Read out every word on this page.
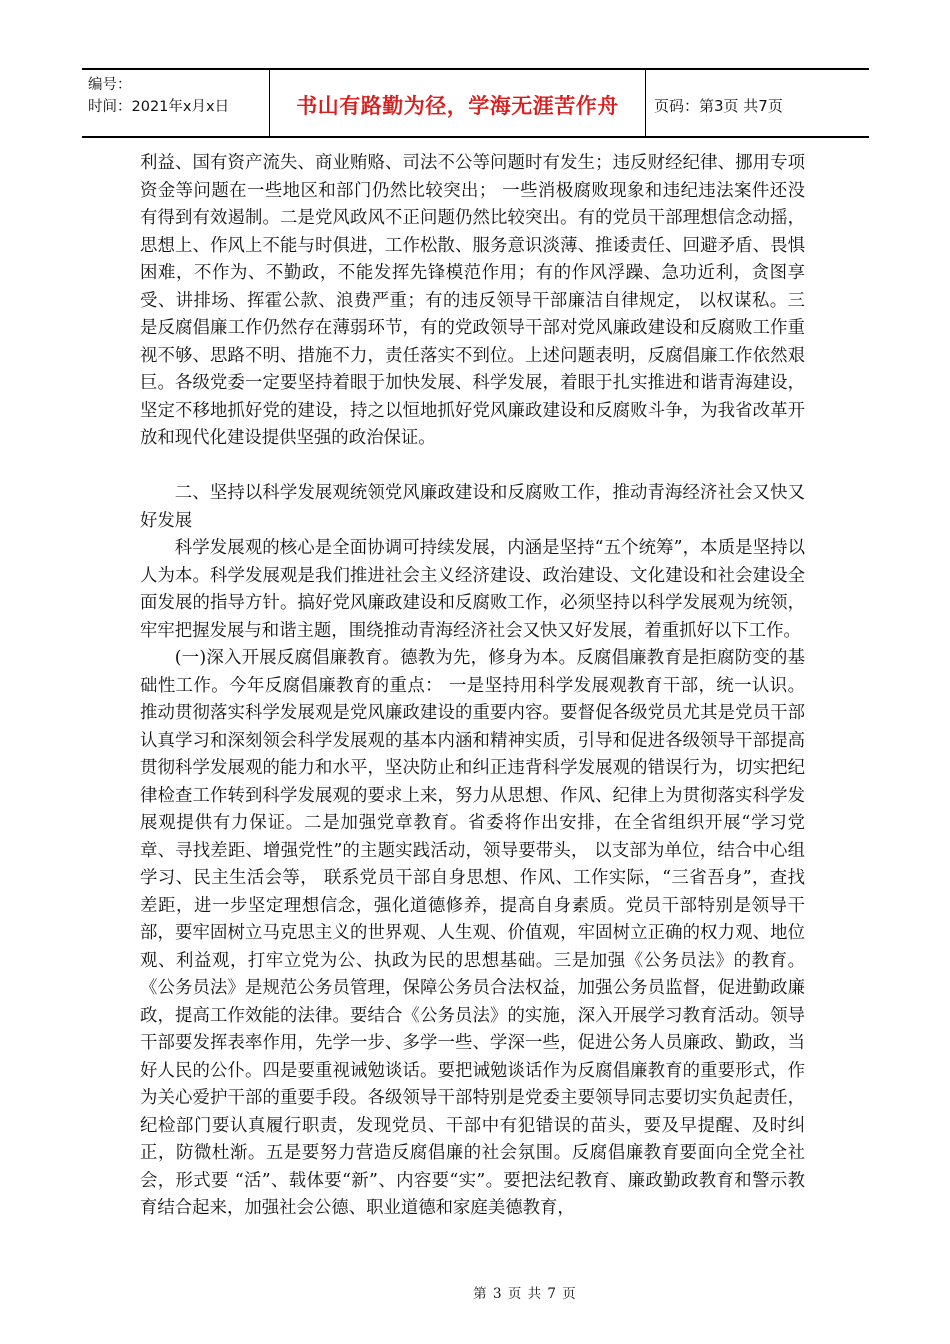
编号：
时间：2021年x月x日	书山有路勤为径，学海无涯苦作舟 页码：第3页 共7页

利益、国有资产流失、商业贿赂、司法不公等问题时有发生；违反财经纪律、挪用专项资金等问题在一些地区和部门仍然比较突出； 一些消极腐败现象和违纪违法案件还没有得到有效遏制。二是党风政风不正问题仍然比较突出。有的党员干部理想信念动摇，思想上、作风上不能与时俱进，工作松散、服务意识淡薄、推诿责任、回避矛盾、畏惧困难，不作为、不勤政，不能发挥先锋模范作用；有的作风浮躁、急功近利，贪图享受、讲排场、挥霍公款、浪费严重；有的违反领导干部廉洁自律规定， 以权谋私。三是反腐倡廉工作仍然存在薄弱环节，有的党政领导干部对党风廉政建设和反腐败工作重视不够、思路不明、措施不力，责任落实不到位。上述问题表明，反腐倡廉工作依然艰巨。各级党委一定要坚持着眼于加快发展、科学发展，着眼于扎实推进和谐青海建设，坚定不移地抓好党的建设，持之以恒地抓好党风廉政建设和反腐败斗争，为我省改革开放和现代化建设提供坚强的政治保证。

二、坚持以科学发展观统领党风廉政建设和反腐败工作，推动青海经济社会又快又好发展

科学发展观的核心是全面协调可持续发展，内涵是坚持“五个统筹”，本质是坚持以人为本。科学发展观是我们推进社会主义经济建设、政治建设、文化建设和社会建设全面发展的指导方针。搞好党风廉政建设和反腐败工作，必须坚持以科学发展观为统领，牢牢把握发展与和谐主题，围绕推动青海经济社会又快又好发展，着重抓好以下工作。

(一)深入开展反腐倡廉教育。德教为先，修身为本。反腐倡廉教育是拒腐防变的基础性工作。今年反腐倡廉教育的重点： 一是坚持用科学发展观教育干部，统一认识。推动贯彻落实科学发展观是党风廉政建设的重要内容。要督促各级党员尤其是党员干部认真学习和深刻领会科学发展观的基本内涵和精神实质，引导和促进各级领导干部提高贯彻科学发展观的能力和水平，坚决防止和纠正违背科学发展观的错误行为，切实把纪律检查工作转到科学发展观的要求上来，努力从思想、作风、纪律上为贯彻落实科学发展观提供有力保证。二是加强党章教育。省委将作出安排，在全省组织开展“学习党章、寻找差距、增强党性”的主题实践活动，领导要带头， 以支部为单位，结合中心组学习、民主生活会等， 联系党员干部自身思想、作风、工作实际，“三省吾身”，查找差距，进一步坚定理想信念，强化道德修养，提高自身素质。党员干部特别是领导干部，要牢固树立马克思主义的世界观、人生观、价值观，牢固树立正确的权力观、地位观、利益观，打牢立党为公、执政为民的思想基础。三是加强《公务员法》的教育。《公务员法》是规范公务员管理，保障公务员合法权益，加强公务员监督，促进勤政廉政，提高工作效能的法律。要结合《公务员法》的实施，深入开展学习教育活动。领导干部要发挥表率作用，先学一步、多学一些、学深一些，促进公务人员廉政、勤政，当好人民的公仆。四是要重视诫勉谈话。要把诫勉谈话作为反腐倡廉教育的重要形式，作为关心爱护干部的重要手段。各级领导干部特别是党委主要领导同志要切实负起责任，纪检部门要认真履行职责，发现党员、干部中有犯错误的苗头，要及早提醒、及时纠正，防微杜渐。五是要努力营造反腐倡廉的社会氛围。反腐倡廉教育要面向全党全社会，形式要 “活”、载体要“新”、内容要“实”。要把法纪教育、廉政勤政教育和警示教育结合起来，加强社会公德、职业道德和家庭美德教育，

第 3 页 共 7 页
